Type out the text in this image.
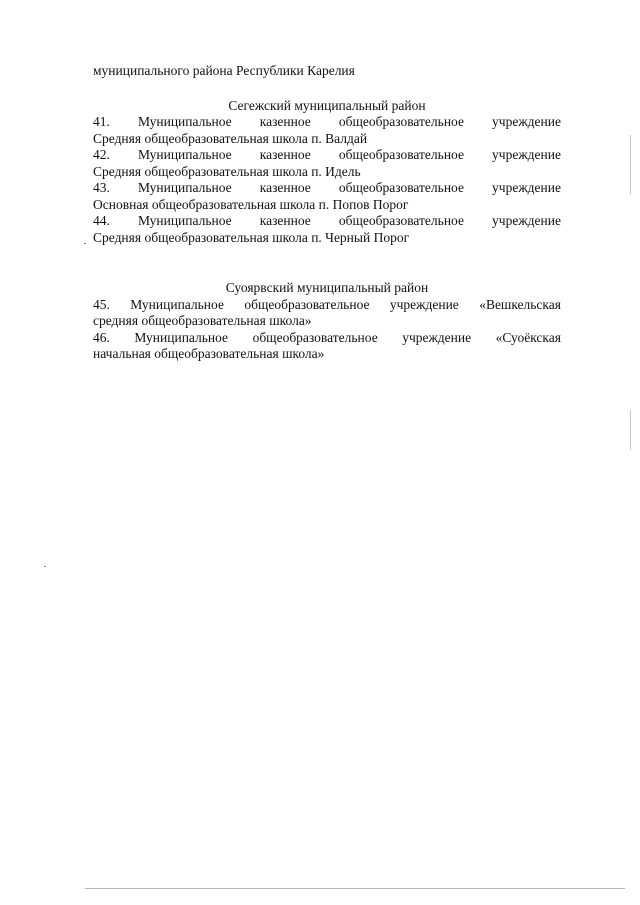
муниципального района Республики Карелия
Сегежский муниципальный район
41. Муниципальное казенное общеобразовательное учреждение
Средняя общеобразовательная школа п. Валдай
42. Муниципальное казенное общеобразовательное учреждение
Средняя общеобразовательная школа п. Идель
43. Муниципальное казенное общеобразовательное учреждение
Основная общеобразовательная школа п. Попов Порог
44. Муниципальное казенное общеобразовательное учреждение
Средняя общеобразовательная школа п. Черный Порог
Суоярвский муниципальный район
45. Муниципальное общеобразовательное учреждение «Вешкельская
средняя общеобразовательная школа»
46. Муниципальное общеобразовательное учреждение «Суоёкская
начальная общеобразовательная школа»
